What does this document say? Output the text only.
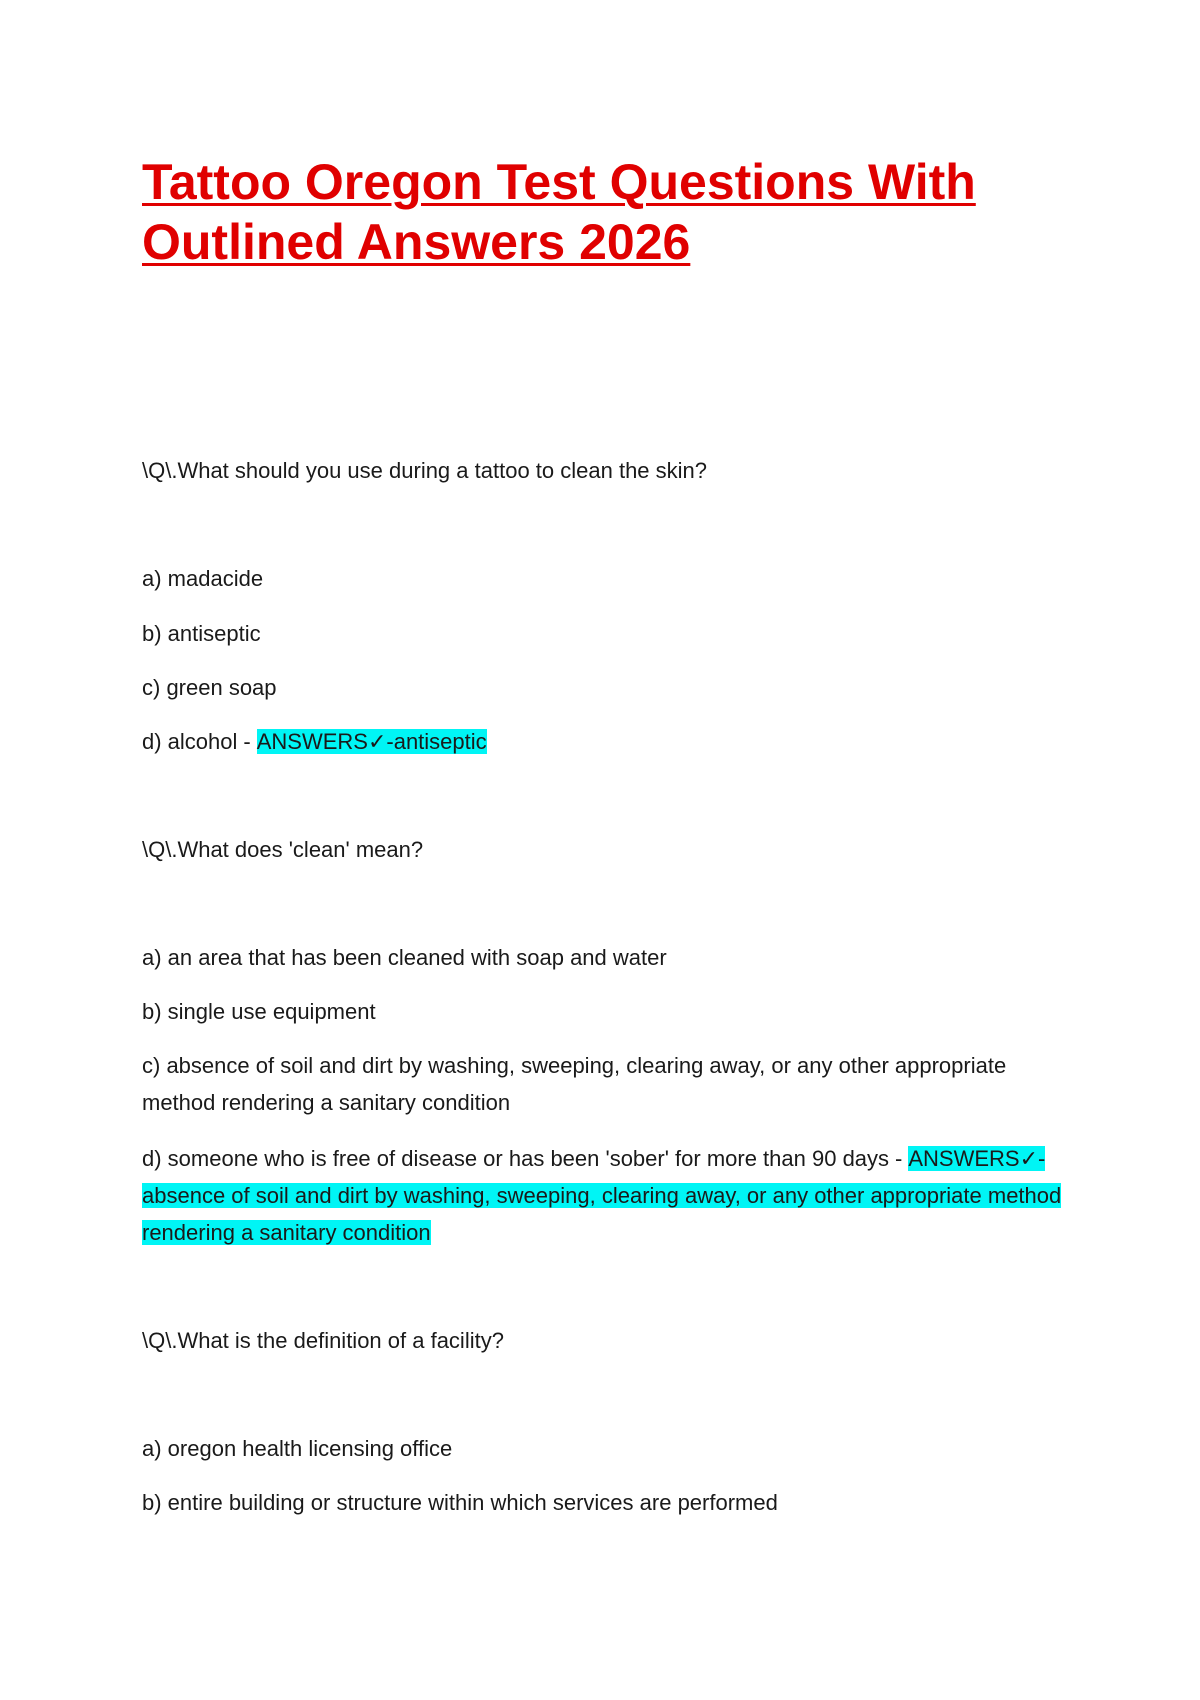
Tattoo Oregon Test Questions With
Outlined Answers 2026

\Q\.What should you use during a tattoo to clean the skin?

a) madacide

b) antiseptic

c) green soap

d) alcohol - ANSWERS✓-antiseptic

\Q\.What does 'clean' mean?

a) an area that has been cleaned with soap and water

b) single use equipment

c) absence of soil and dirt by washing, sweeping, clearing away, or any other appropriate method rendering a sanitary condition

d) someone who is free of disease or has been 'sober' for more than 90 days - ANSWERS✓- absence of soil and dirt by washing, sweeping, clearing away, or any other appropriate method rendering a sanitary condition

\Q\.What is the definition of a facility?

a) oregon health licensing office

b) entire building or structure within which services are performed
